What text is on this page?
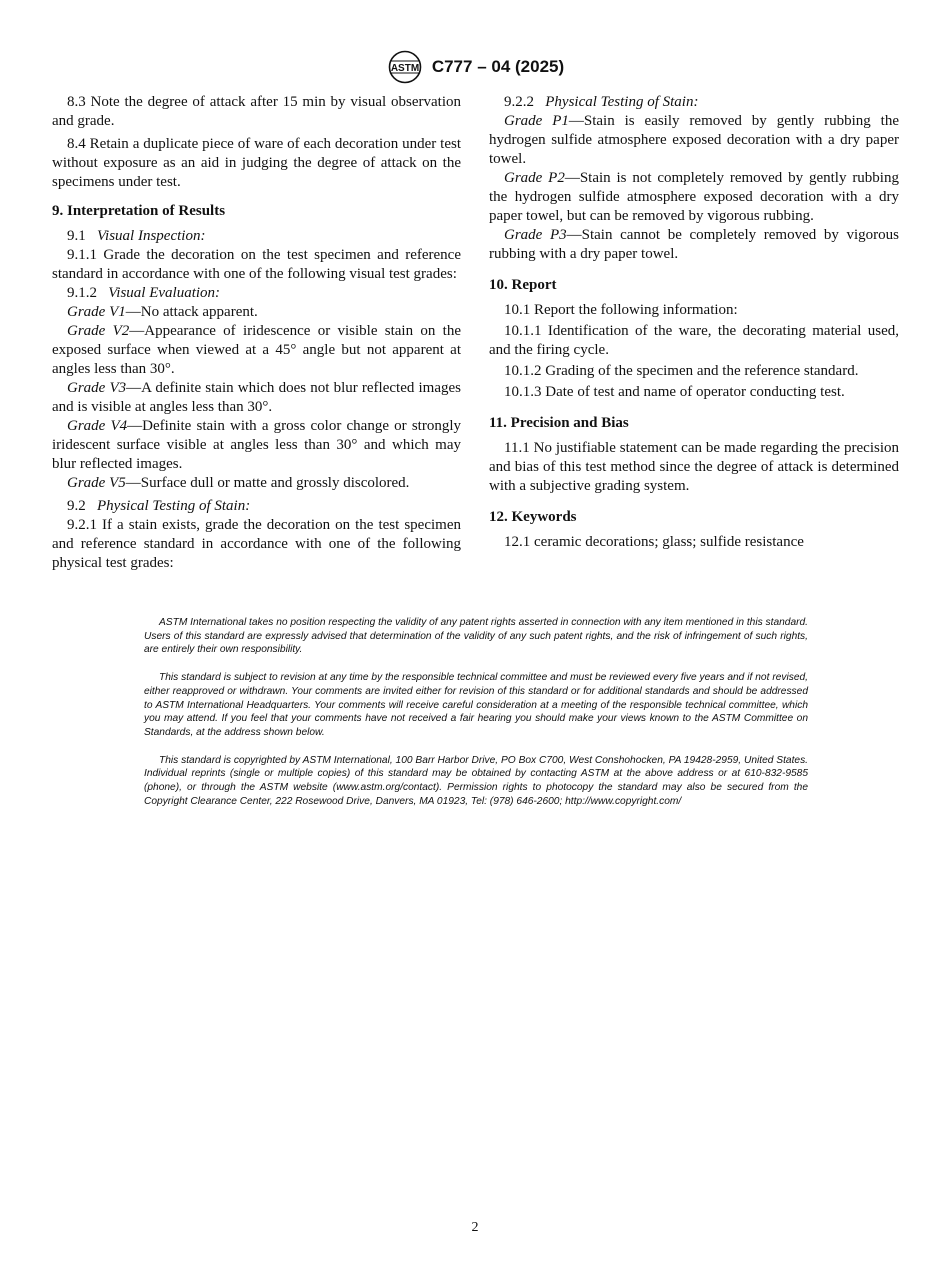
ASTM C777 – 04 (2025)

8.3 Note the degree of attack after 15 min by visual observation and grade.

8.4 Retain a duplicate piece of ware of each decoration under test without exposure as an aid in judging the degree of attack on the specimens under test.

9. Interpretation of Results

9.1 Visual Inspection:

9.1.1 Grade the decoration on the test specimen and reference standard in accordance with one of the following visual test grades:

9.1.2 Visual Evaluation:

Grade V1—No attack apparent.

Grade V2—Appearance of iridescence or visible stain on the exposed surface when viewed at a 45° angle but not apparent at angles less than 30°.

Grade V3—A definite stain which does not blur reflected images and is visible at angles less than 30°.

Grade V4—Definite stain with a gross color change or strongly iridescent surface visible at angles less than 30° and which may blur reflected images.

Grade V5—Surface dull or matte and grossly discolored.

9.2 Physical Testing of Stain:

9.2.1 If a stain exists, grade the decoration on the test specimen and reference standard in accordance with one of the following physical test grades:

9.2.2 Physical Testing of Stain:

Grade P1—Stain is easily removed by gently rubbing the hydrogen sulfide atmosphere exposed decoration with a dry paper towel.

Grade P2—Stain is not completely removed by gently rubbing the hydrogen sulfide atmosphere exposed decoration with a dry paper towel, but can be removed by vigorous rubbing.

Grade P3—Stain cannot be completely removed by vigorous rubbing with a dry paper towel.

10. Report

10.1 Report the following information:

10.1.1 Identification of the ware, the decorating material used, and the firing cycle.

10.1.2 Grading of the specimen and the reference standard.

10.1.3 Date of test and name of operator conducting test.

11. Precision and Bias

11.1 No justifiable statement can be made regarding the precision and bias of this test method since the degree of attack is determined with a subjective grading system.

12. Keywords

12.1 ceramic decorations; glass; sulfide resistance

ASTM International takes no position respecting the validity of any patent rights asserted in connection with any item mentioned in this standard. Users of this standard are expressly advised that determination of the validity of any such patent rights, and the risk of infringement of such rights, are entirely their own responsibility.

This standard is subject to revision at any time by the responsible technical committee and must be reviewed every five years and if not revised, either reapproved or withdrawn. Your comments are invited either for revision of this standard or for additional standards and should be addressed to ASTM International Headquarters. Your comments will receive careful consideration at a meeting of the responsible technical committee, which you may attend. If you feel that your comments have not received a fair hearing you should make your views known to the ASTM Committee on Standards, at the address shown below.

This standard is copyrighted by ASTM International, 100 Barr Harbor Drive, PO Box C700, West Conshohocken, PA 19428-2959, United States. Individual reprints (single or multiple copies) of this standard may be obtained by contacting ASTM at the above address or at 610-832-9585 (phone), or through the ASTM website (www.astm.org/contact). Permission rights to photocopy the standard may also be secured from the Copyright Clearance Center, 222 Rosewood Drive, Danvers, MA 01923, Tel: (978) 646-2600; http://www.copyright.com/

2
